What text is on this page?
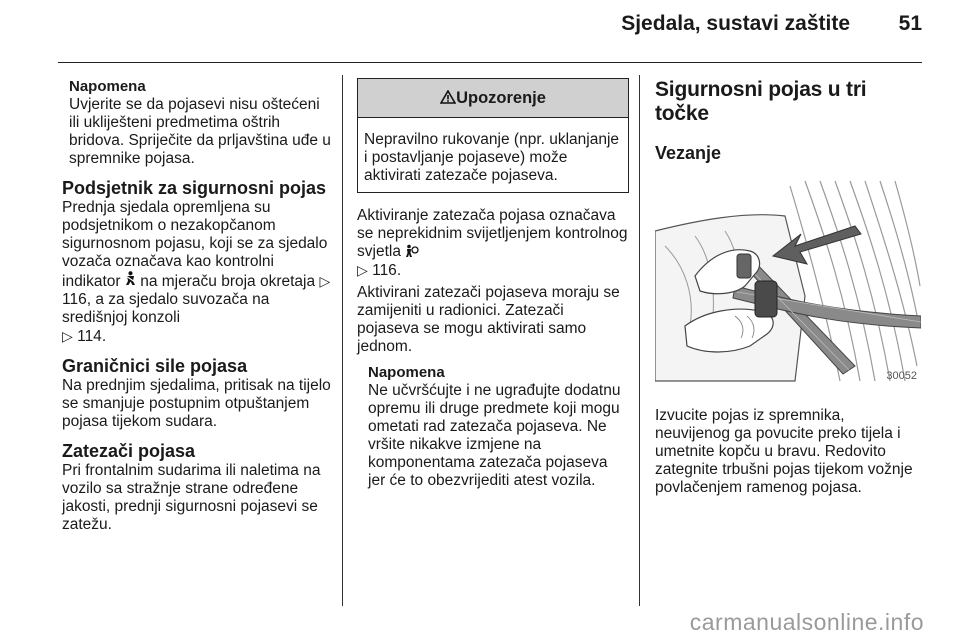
Sjedala, sustavi zaštite 51

Napomena

Uvjerite se da pojasevi nisu oštećeni ili ukliješteni predmetima oštrih bridova. Spriječite da prljavština uđe u spremnike pojasa.

Podsjetnik za sigurnosni pojas

Prednja sjedala opremljena su podsjetnikom o nezakopčanom sigurnosnom pojasu, koji se za sjedalo vozača označava kao kontrolni indikator na mjeraču broja okretaja ▷ 116, a za sjedalo suvozača na središnjoj konzoli
▷ 114.

Graničnici sile pojasa

Na prednjim sjedalima, pritisak na tijelo se smanjuje postupnim otpuštanjem pojasa tijekom sudara.

Zatezači pojasa

Pri frontalnim sudarima ili naletima na vozilo sa stražnje strane određene jakosti, prednji sigurnosni pojasevi se zatežu.

Upozorenje
Nepravilno rukovanje (npr. uklanjanje i postavljanje pojaseve) može aktivirati zatezače pojaseva.

Aktiviranje zatezača pojasa označava se neprekidnim svijetljenjem kontrolnog svjetla
▷ 116.

Aktivirani zatezači pojaseva moraju se zamijeniti u radionici. Zatezači pojaseva se mogu aktivirati samo jednom.

Napomena

Ne učvršćujte i ne ugrađujte dodatnu opremu ili druge predmete koji mogu ometati rad zatezača pojaseva. Ne vršite nikakve izmjene na komponentama zatezača pojaseva jer će to obezvrijediti atest vozila.

Sigurnosni pojas u tri točke
Vezanje
30052

Izvucite pojas iz spremnika, neuvijenog ga povucite preko tijela i umetnite kopču u bravu. Redovito zategnite trbušni pojas tijekom vožnje povlačenjem ramenog pojasa.

carmanualsonline.info
